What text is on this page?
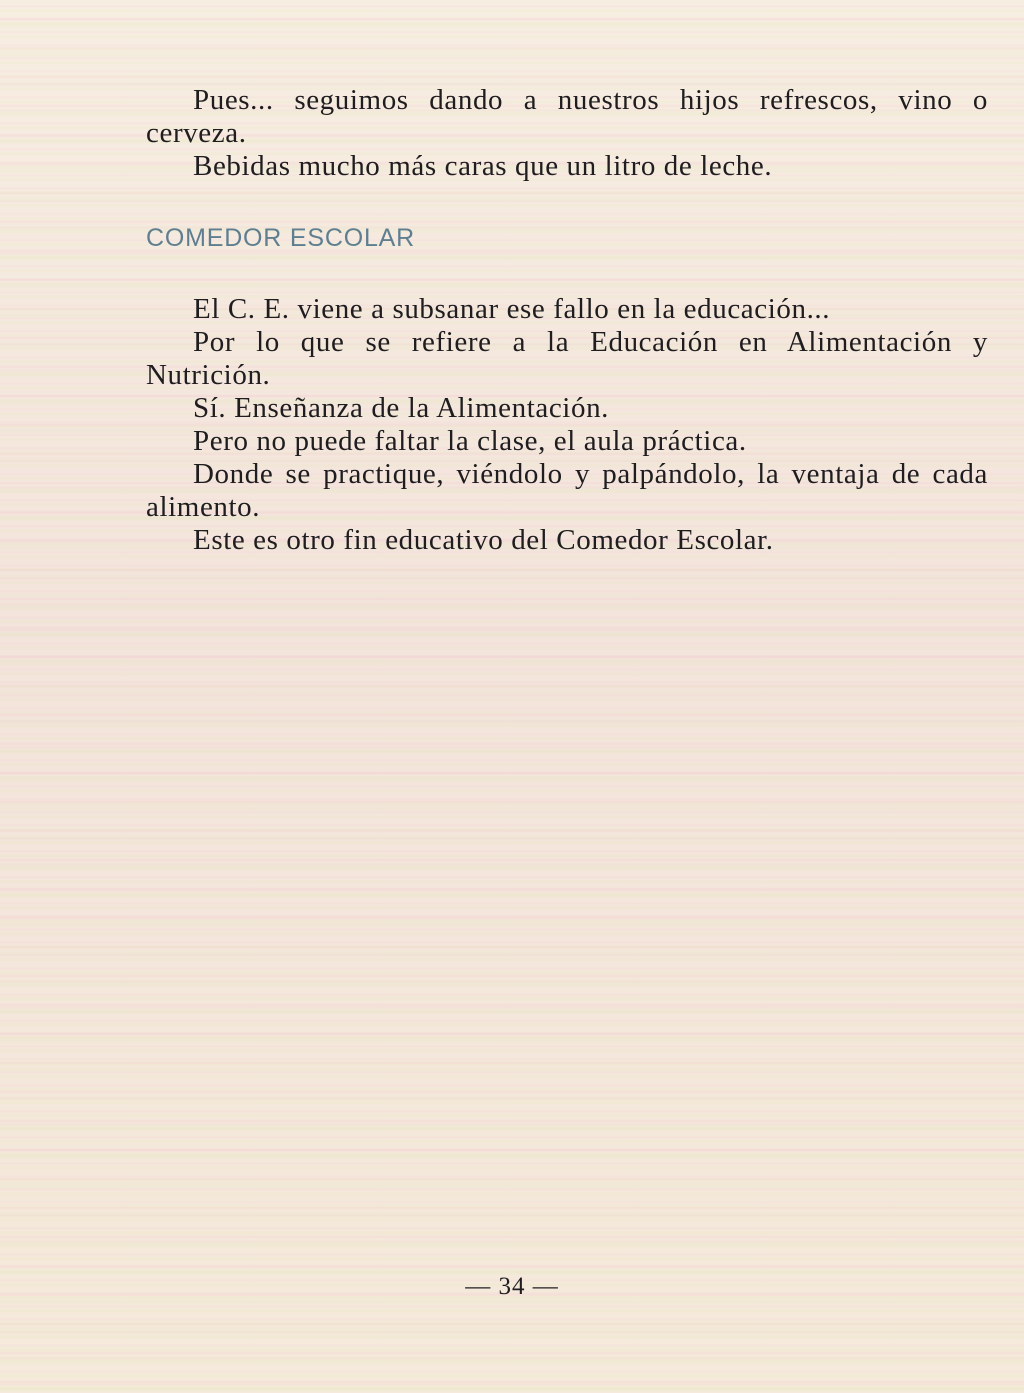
Pues... seguimos dando a nuestros hijos refrescos, vino o cerveza.

Bebidas mucho más caras que un litro de leche.

COMEDOR ESCOLAR

El C. E. viene a subsanar ese fallo en la educación...

Por lo que se refiere a la Educación en Alimentación y Nutrición.

Sí. Enseñanza de la Alimentación.

Pero no puede faltar la clase, el aula práctica.

Donde se practique, viéndolo y palpándolo, la ventaja de cada alimento.

Este es otro fin educativo del Comedor Escolar.

— 34 —
